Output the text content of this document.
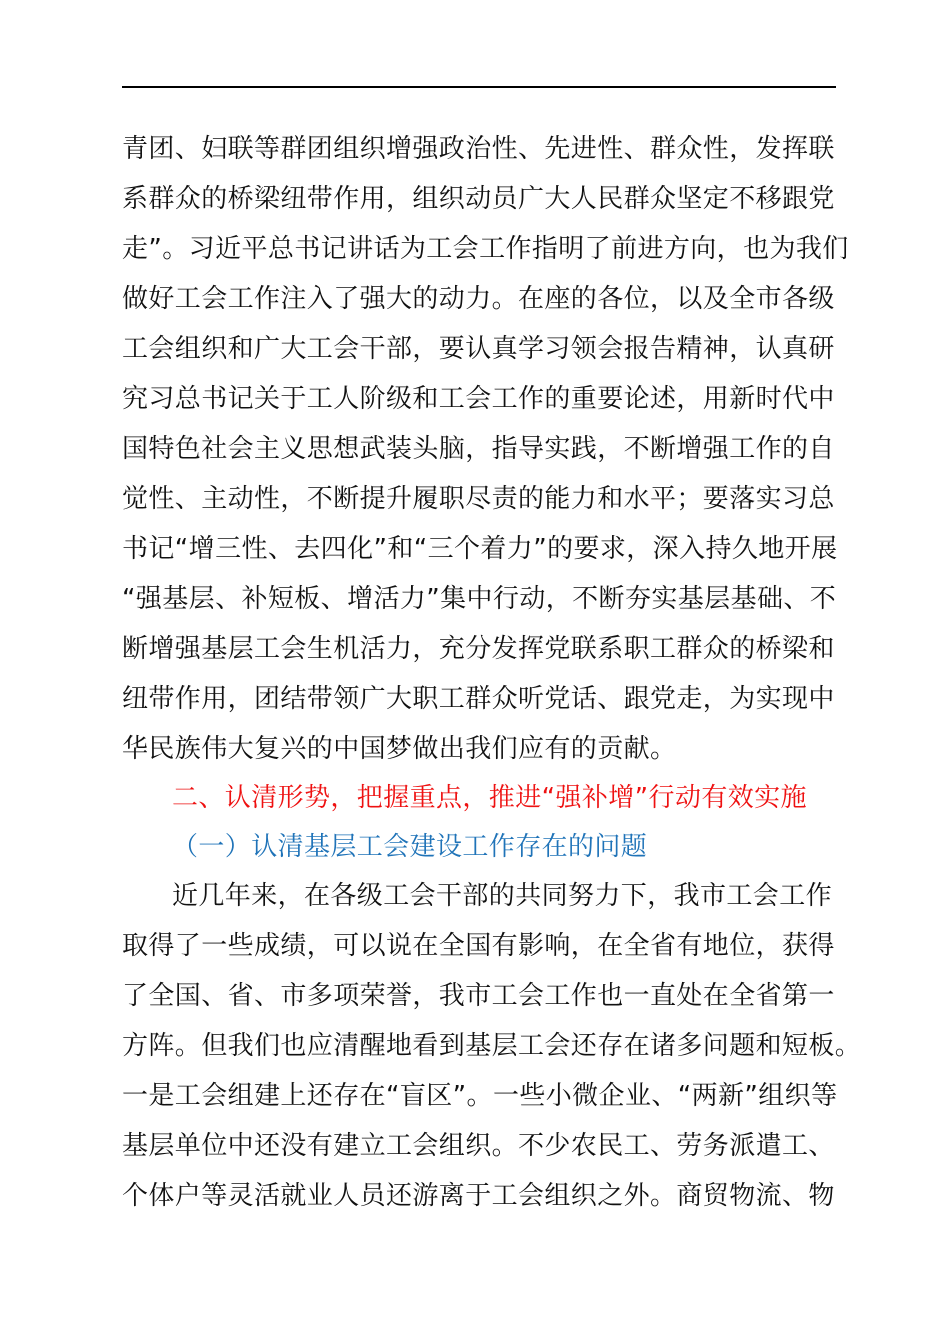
青团、妇联等群团组织增强政治性、先进性、群众性，发挥联
系群众的桥梁纽带作用，组织动员广大人民群众坚定不移跟党
走”。习近平总书记讲话为工会工作指明了前进方向，也为我们
做好工会工作注入了强大的动力。在座的各位，以及全市各级
工会组织和广大工会干部，要认真学习领会报告精神，认真研
究习总书记关于工人阶级和工会工作的重要论述，用新时代中
国特色社会主义思想武装头脑，指导实践，不断增强工作的自
觉性、主动性，不断提升履职尽责的能力和水平；要落实习总
书记“增三性、去四化”和“三个着力”的要求，深入持久地开展
“强基层、补短板、增活力”集中行动，不断夯实基层基础、不
断增强基层工会生机活力，充分发挥党联系职工群众的桥梁和
纽带作用，团结带领广大职工群众听党话、跟党走，为实现中
华民族伟大复兴的中国梦做出我们应有的贡献。
二、认清形势，把握重点，推进“强补增”行动有效实施
（一）认清基层工会建设工作存在的问题
近几年来，在各级工会干部的共同努力下，我市工会工作
取得了一些成绩，可以说在全国有影响，在全省有地位，获得
了全国、省、市多项荣誉，我市工会工作也一直处在全省第一
方阵。但我们也应清醒地看到基层工会还存在诸多问题和短板。
一是工会组建上还存在“盲区”。一些小微企业、“两新”组织等
基层单位中还没有建立工会组织。不少农民工、劳务派遣工、
个体户等灵活就业人员还游离于工会组织之外。商贸物流、物
